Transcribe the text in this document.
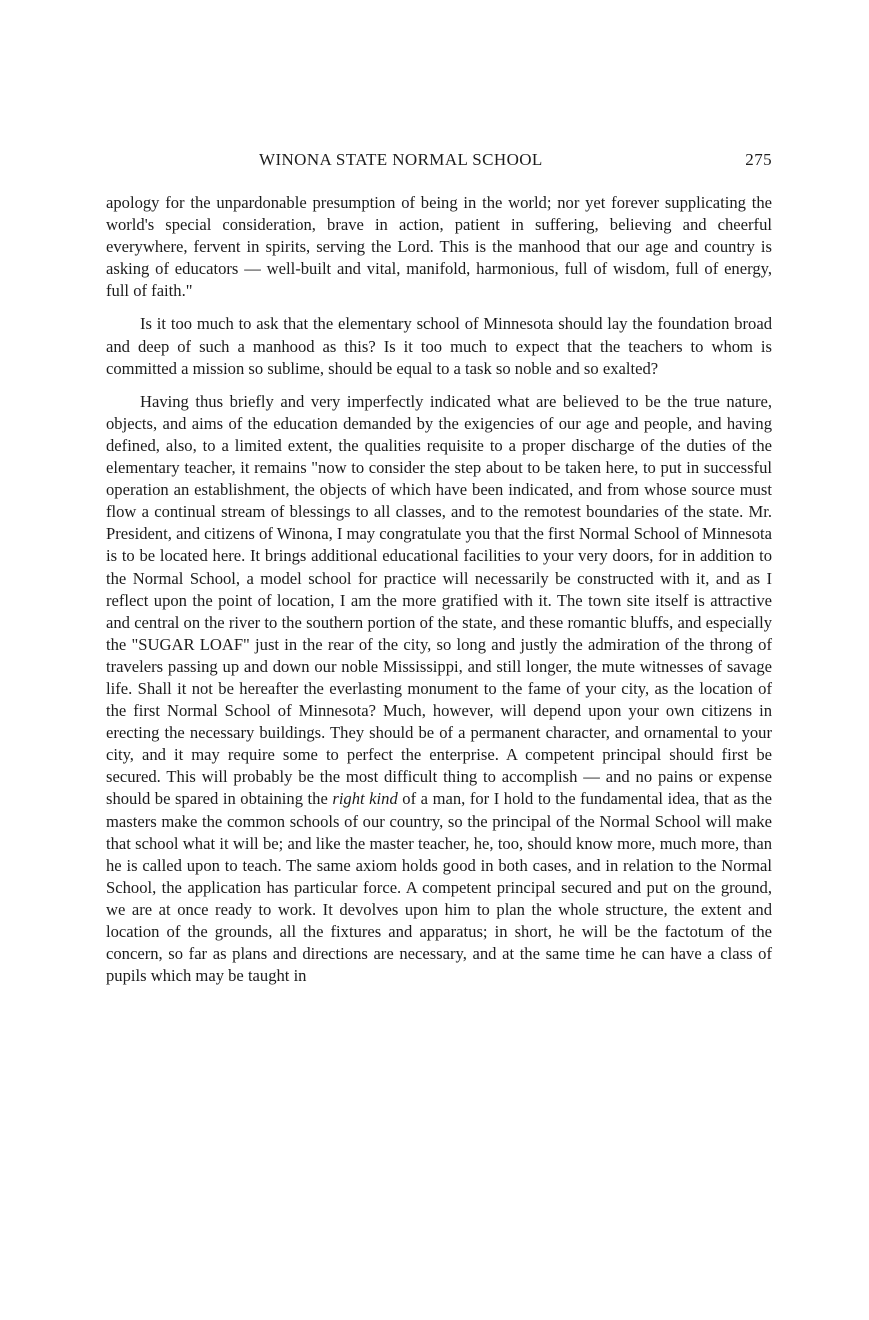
WINONA STATE NORMAL SCHOOL	275

apology for the unpardonable presumption of being in the world; nor yet forever supplicating the world's special consideration, brave in action, patient in suffering, believing and cheerful everywhere, fervent in spirits, serving the Lord. This is the manhood that our age and country is asking of educators — well-built and vital, manifold, harmonious, full of wisdom, full of energy, full of faith."

Is it too much to ask that the elementary school of Minnesota should lay the foundation broad and deep of such a manhood as this? Is it too much to expect that the teachers to whom is committed a mission so sublime, should be equal to a task so noble and so exalted?

Having thus briefly and very imperfectly indicated what are believed to be the true nature, objects, and aims of the education demanded by the exigencies of our age and people, and having defined, also, to a limited extent, the qualities requisite to a proper discharge of the duties of the elementary teacher, it remains "now to consider the step about to be taken here, to put in successful operation an establishment, the objects of which have been indicated, and from whose source must flow a continual stream of blessings to all classes, and to the remotest boundaries of the state. Mr. President, and citizens of Winona, I may congratulate you that the first Normal School of Minnesota is to be located here. It brings additional educational facilities to your very doors, for in addition to the Normal School, a model school for practice will necessarily be constructed with it, and as I reflect upon the point of location, I am the more gratified with it. The town site itself is attractive and central on the river to the southern portion of the state, and these romantic bluffs, and especially the "SUGAR LOAF" just in the rear of the city, so long and justly the admiration of the throng of travelers passing up and down our noble Mississippi, and still longer, the mute witnesses of savage life. Shall it not be hereafter the everlasting monument to the fame of your city, as the location of the first Normal School of Minnesota? Much, however, will depend upon your own citizens in erecting the necessary buildings. They should be of a permanent character, and ornamental to your city, and it may require some to perfect the enterprise. A competent principal should first be secured. This will probably be the most difficult thing to accomplish — and no pains or expense should be spared in obtaining the right kind of a man, for I hold to the fundamental idea, that as the masters make the common schools of our country, so the principal of the Normal School will make that school what it will be; and like the master teacher, he, too, should know more, much more, than he is called upon to teach. The same axiom holds good in both cases, and in relation to the Normal School, the application has particular force. A competent principal secured and put on the ground, we are at once ready to work. It devolves upon him to plan the whole structure, the extent and location of the grounds, all the fixtures and apparatus; in short, he will be the factotum of the concern, so far as plans and directions are necessary, and at the same time he can have a class of pupils which may be taught in
